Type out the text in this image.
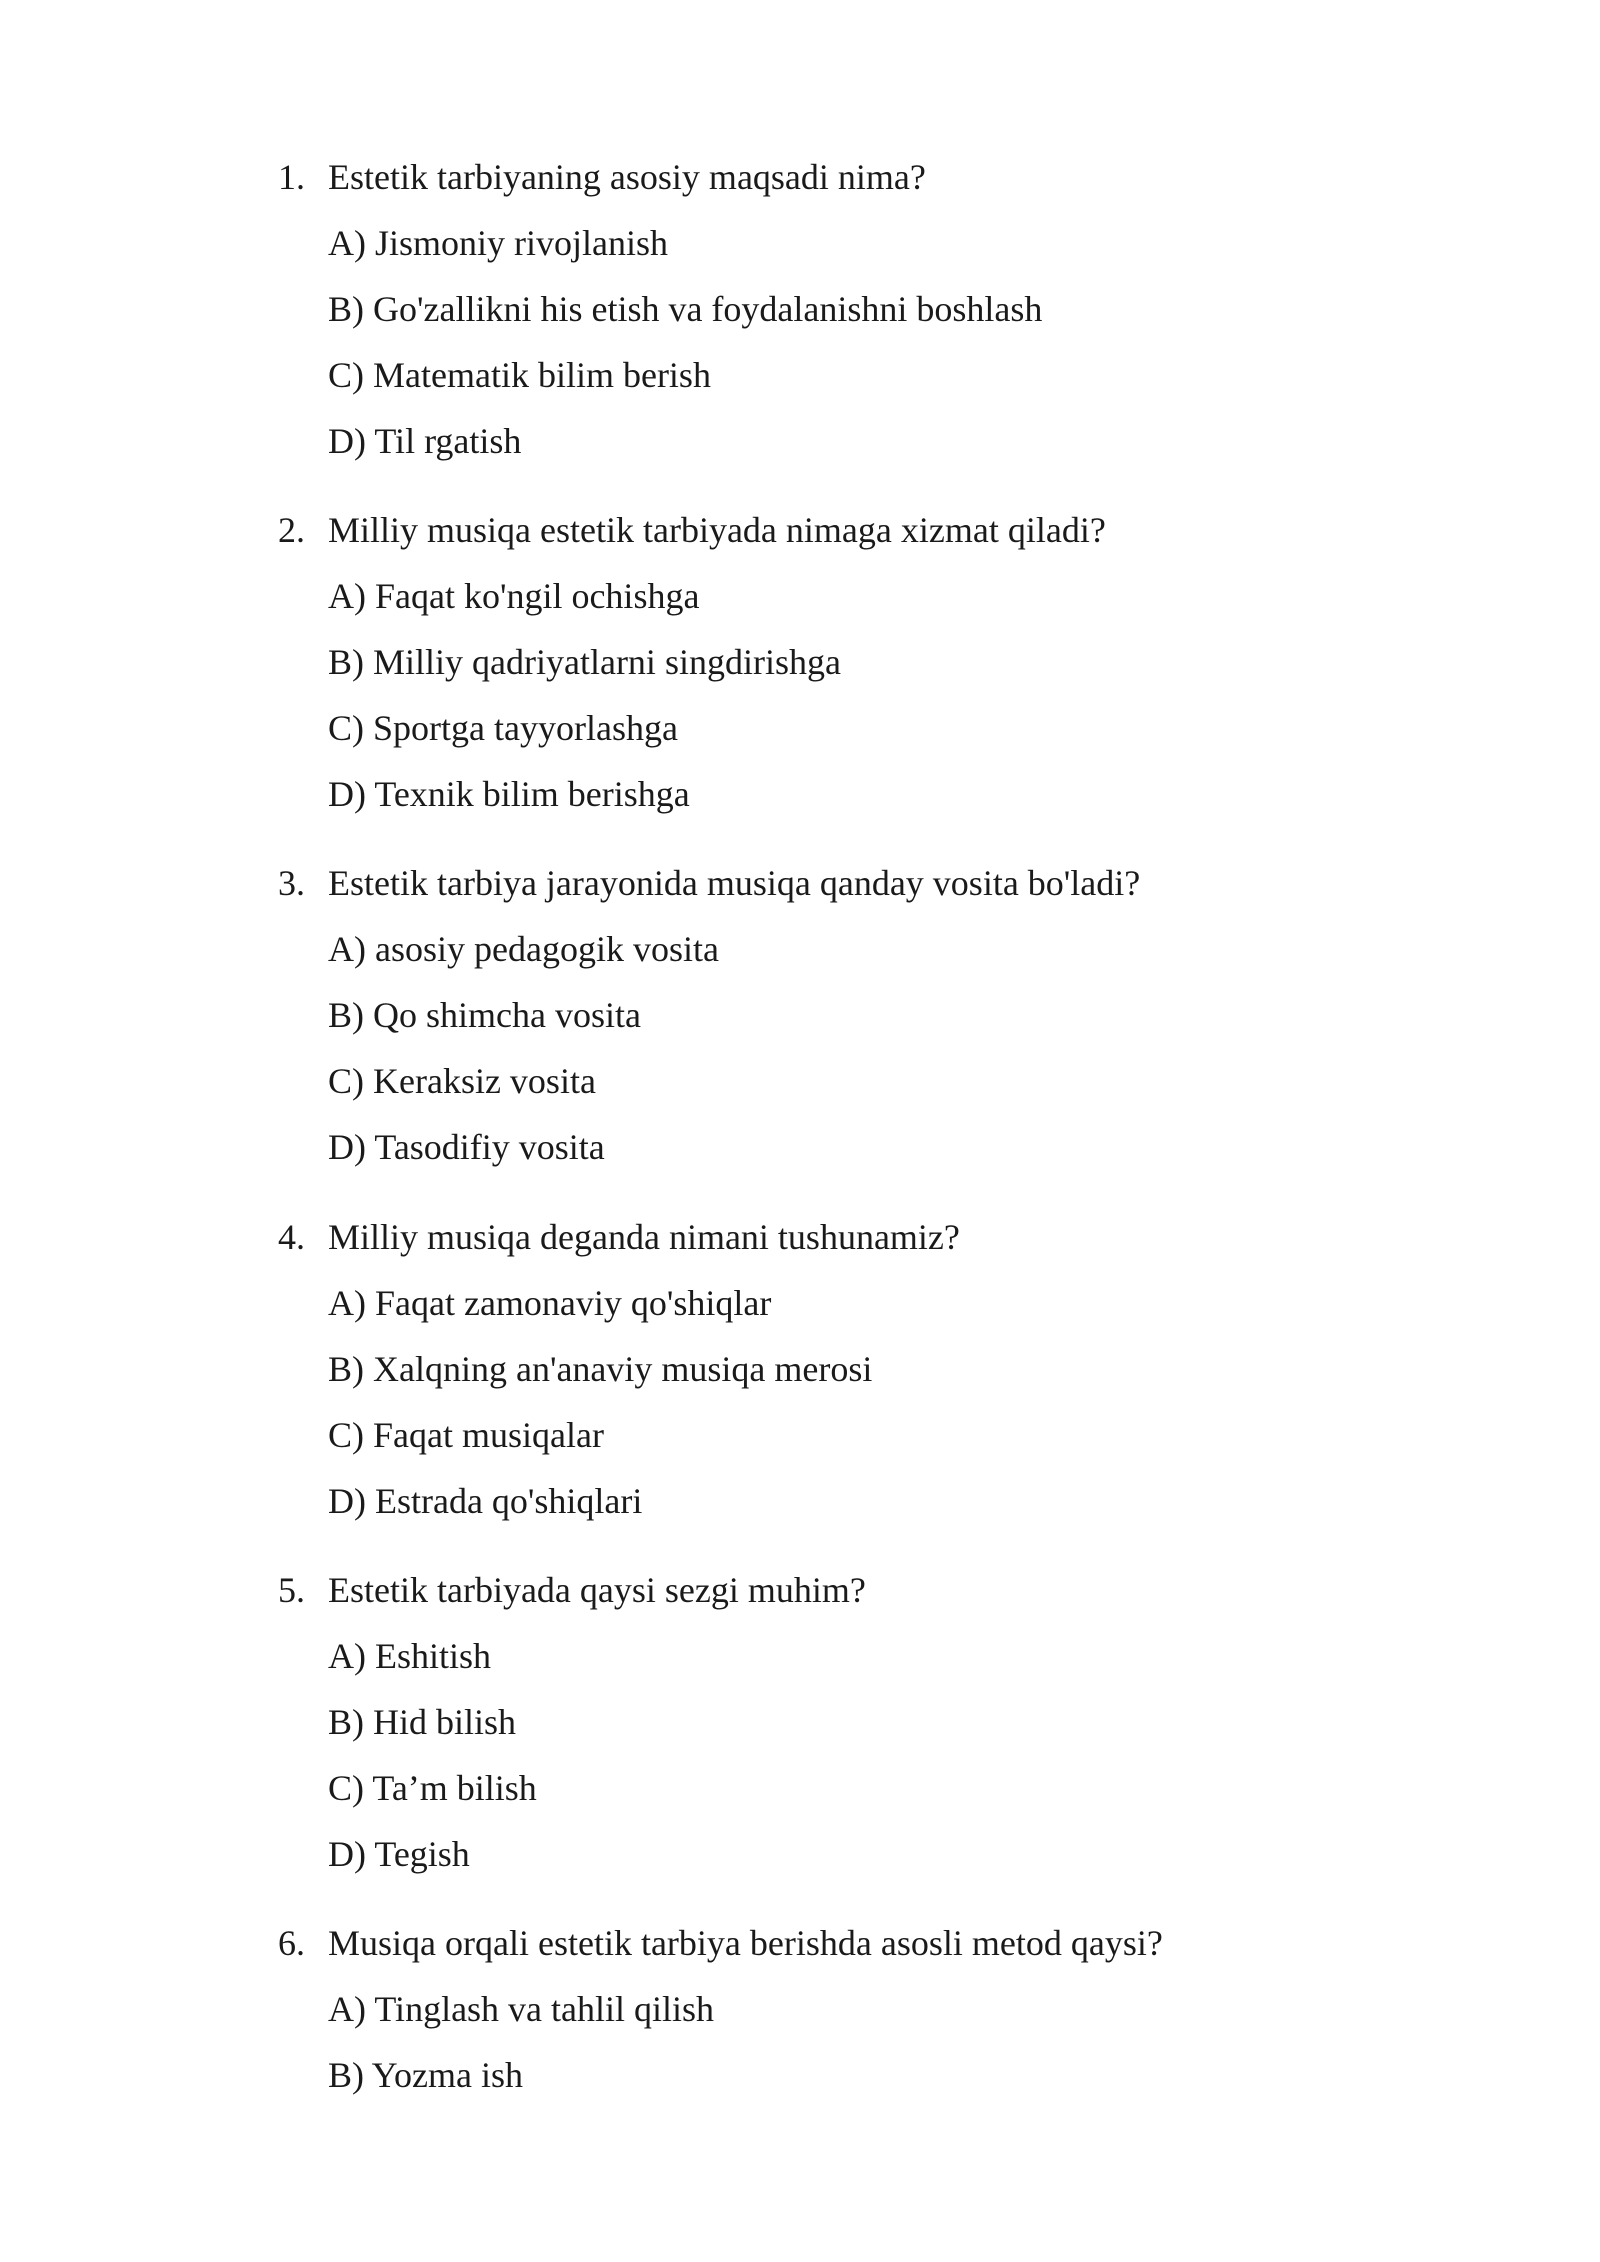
1. Estetik tarbiyaning asosiy maqsadi nima?
A) Jismoniy rivojlanish
B) Go'zallikni his etish va foydalanishni boshlash
C) Matematik bilim berish
D) Til rgatish
2. Milliy musiqa estetik tarbiyada nimaga xizmat qiladi?
A) Faqat ko'ngil ochishga
B) Milliy qadriyatlarni singdirishga
C) Sportga tayyorlashga
D) Texnik bilim berishga
3. Estetik tarbiya jarayonida musiqa qanday vosita bo'ladi?
A) asosiy pedagogik vosita
B) Qo shimcha vosita
C) Keraksiz vosita
D) Tasodifiy vosita
4. Milliy musiqa deganda nimani tushunamiz?
A) Faqat zamonaviy qo'shiqlar
B) Xalqning an'anaviy musiqa merosi
C) Faqat musiqalar
D) Estrada qo'shiqlari
5. Estetik tarbiyada qaysi sezgi muhim?
A) Eshitish
B) Hid bilish
C) Ta’m bilish
D) Tegish
6. Musiqa orqali estetik tarbiya berishda asosli metod qaysi?
A) Tinglash va tahlil qilish
B) Yozma ish
